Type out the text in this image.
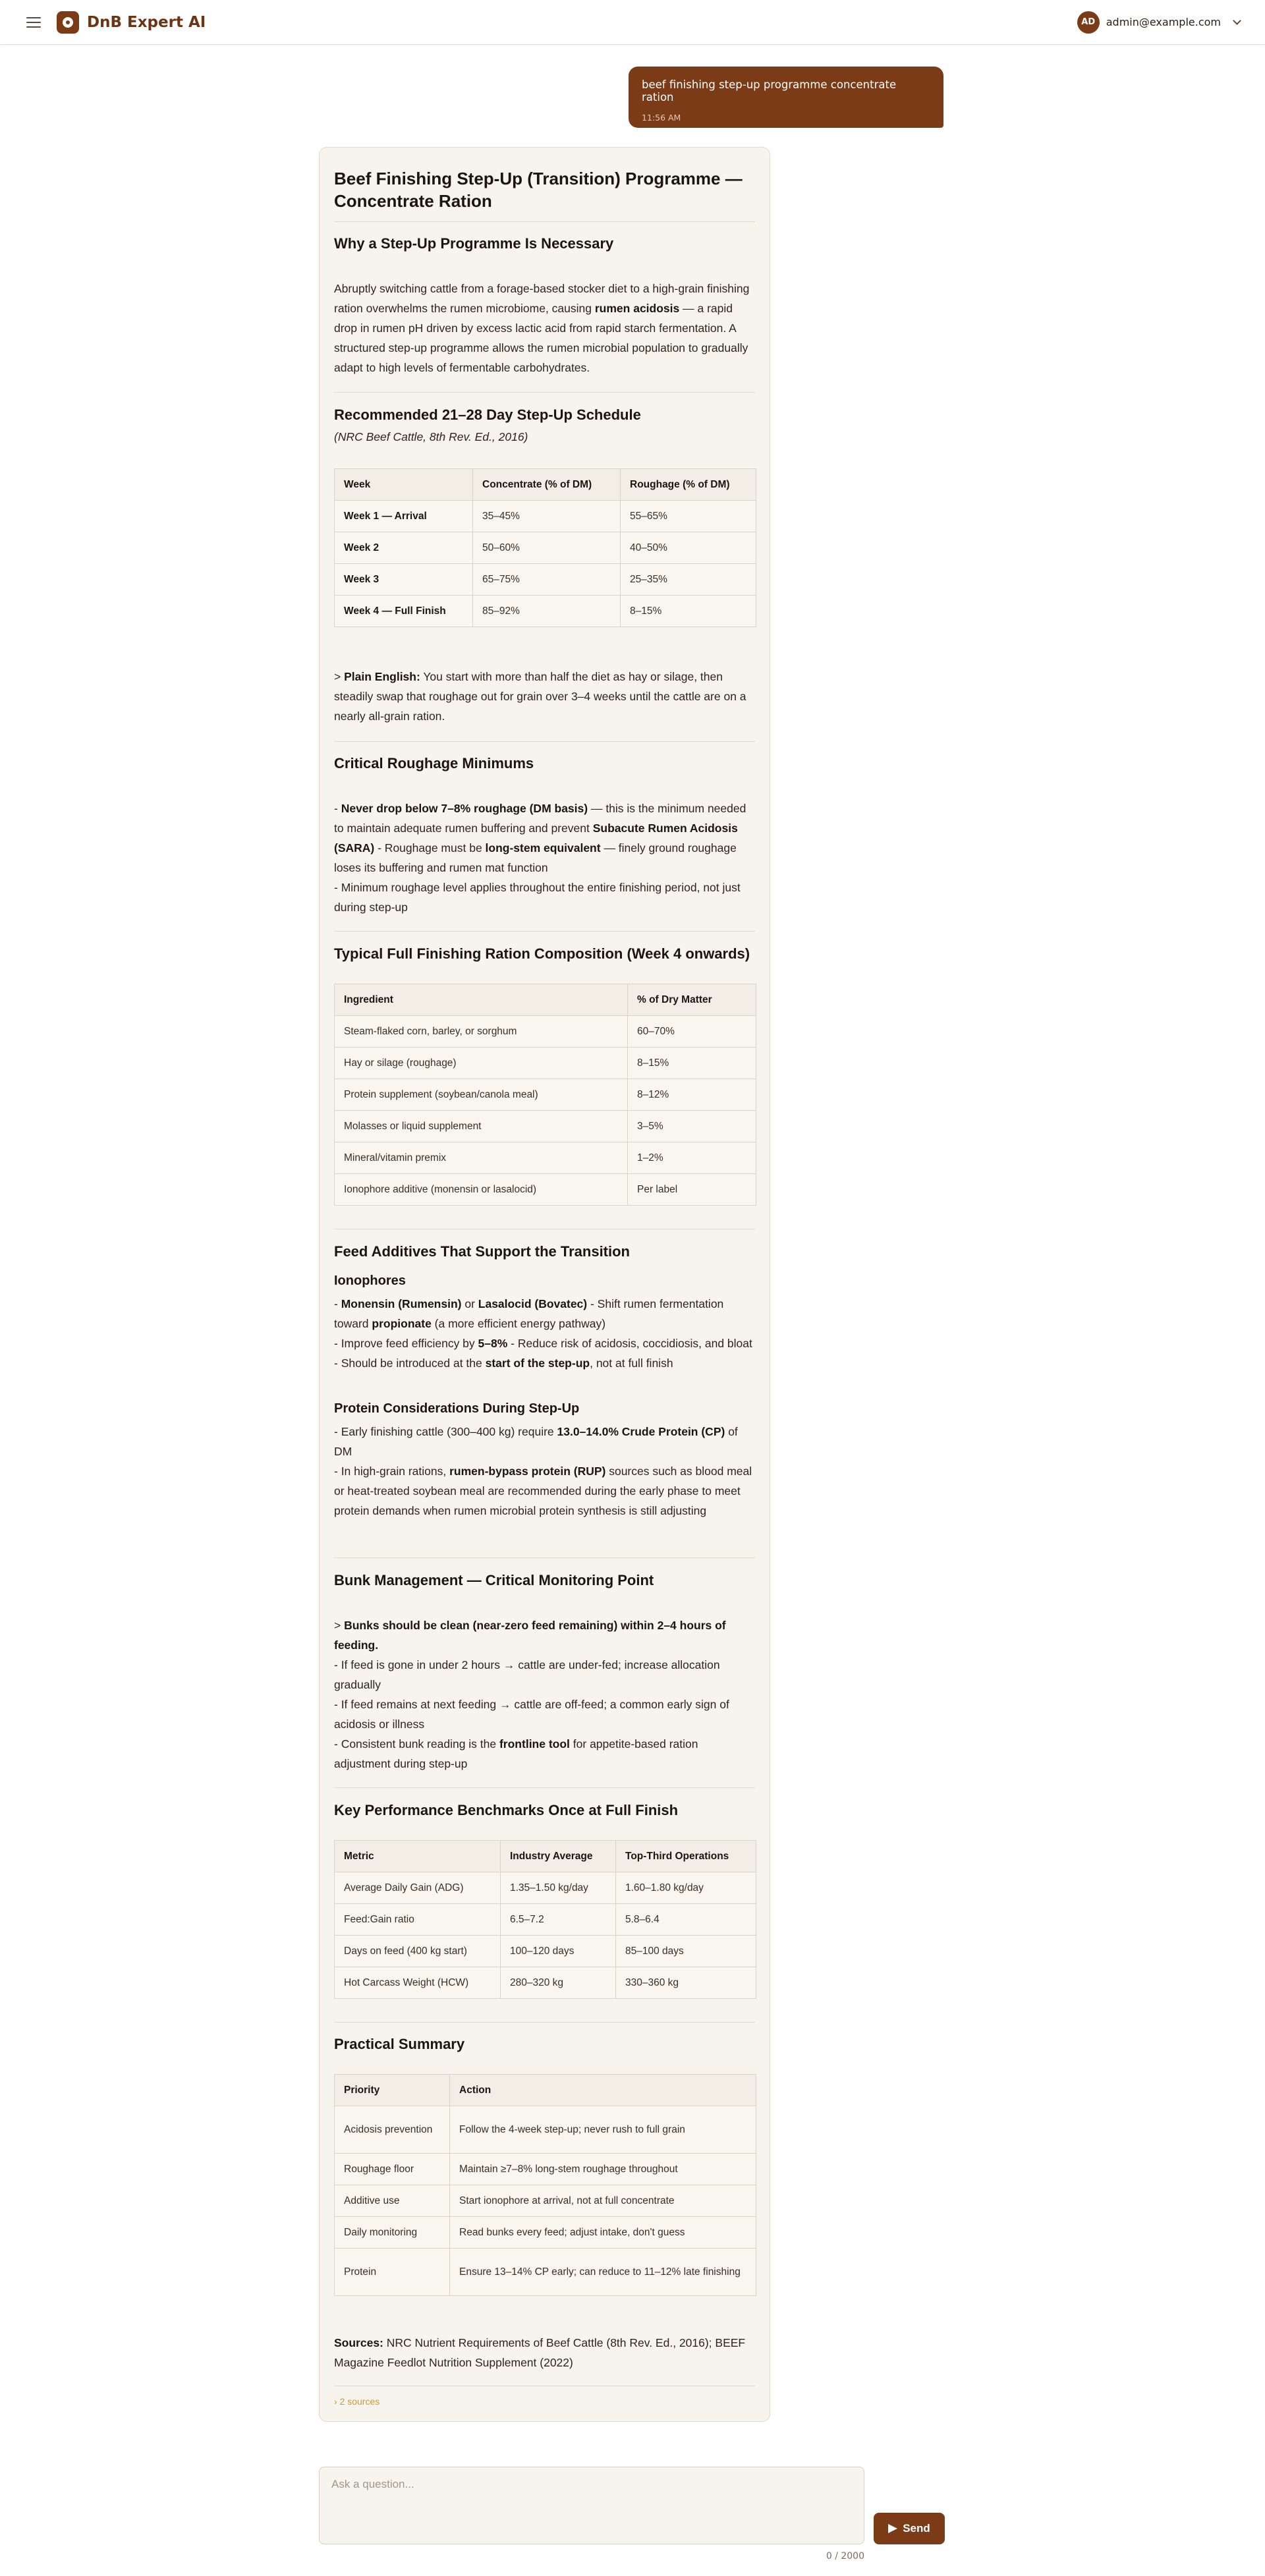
DnB Expert AI	AD	admin@example.com
beef finishing step-up programme concentrate ration
11:56 AM
Beef Finishing Step-Up (Transition) Programme — Concentrate Ration
Why a Step-Up Programme Is Necessary

Abruptly switching cattle from a forage-based stocker diet to a high-grain finishing ration overwhelms the rumen microbiome, causing rumen acidosis — a rapid drop in rumen pH driven by excess lactic acid from rapid starch fermentation. A structured step-up programme allows the rumen microbial population to gradually adapt to high levels of fermentable carbohydrates.

Recommended 21–28 Day Step-Up Schedule

(NRC Beef Cattle, 8th Rev. Ed., 2016)

Week	Concentrate (% of DM)	Roughage (% of DM)
Week 1 — Arrival	35–45%	55–65%
Week 2	50–60%	40–50%
Week 3	65–75%	25–35%
Week 4 — Full Finish	85–92%	8–15%

> Plain English: You start with more than half the diet as hay or silage, then steadily swap that roughage out for grain over 3–4 weeks until the cattle are on a nearly all-grain ration.

Critical Roughage Minimums

- Never drop below 7–8% roughage (DM basis) — this is the minimum needed to maintain adequate rumen buffering and prevent Subacute Rumen Acidosis (SARA) - Roughage must be long-stem equivalent — finely ground roughage loses its buffering and rumen mat function
- Minimum roughage level applies throughout the entire finishing period, not just during step-up

Typical Full Finishing Ration Composition (Week 4 onwards)
Ingredient	% of Dry Matter
Steam-flaked corn, barley, or sorghum	60–70%
Hay or silage (roughage)	8–15%
Protein supplement (soybean/canola meal)	8–12%
Molasses or liquid supplement	3–5%
Mineral/vitamin premix	1–2%
Ionophore additive (monensin or lasalocid)	Per label
Feed Additives That Support the Transition
Ionophores

- Monensin (Rumensin) or Lasalocid (Bovatec) - Shift rumen fermentation toward propionate (a more efficient energy pathway)
- Improve feed efficiency by 5–8% - Reduce risk of acidosis, coccidiosis, and bloat
- Should be introduced at the start of the step-up, not at full finish

Protein Considerations During Step-Up

- Early finishing cattle (300–400 kg) require 13.0–14.0% Crude Protein (CP) of DM
- In high-grain rations, rumen-bypass protein (RUP) sources such as blood meal or heat-treated soybean meal are recommended during the early phase to meet protein demands when rumen microbial protein synthesis is still adjusting

Bunk Management — Critical Monitoring Point

> Bunks should be clean (near-zero feed remaining) within 2–4 hours of feeding.
- If feed is gone in under 2 hours → cattle are under-fed; increase allocation gradually
- If feed remains at next feeding → cattle are off-feed; a common early sign of acidosis or illness
- Consistent bunk reading is the frontline tool for appetite-based ration adjustment during step-up

Key Performance Benchmarks Once at Full Finish
Metric	Industry Average	Top-Third Operations
Average Daily Gain (ADG)	1.35–1.50 kg/day	1.60–1.80 kg/day
Feed:Gain ratio	6.5–7.2	5.8–6.4
Days on feed (400 kg start)	100–120 days	85–100 days
Hot Carcass Weight (HCW)	280–320 kg	330–360 kg
Practical Summary
Priority	Action
Acidosis prevention	Follow the 4-week step-up; never rush to full grain
Roughage floor	Maintain ≥7–8% long-stem roughage throughout
Additive use	Start ionophore at arrival, not at full concentrate
Daily monitoring	Read bunks every feed; adjust intake, don't guess
Protein	Ensure 13–14% CP early; can reduce to 11–12% late finishing

Sources: NRC Nutrient Requirements of Beef Cattle (8th Rev. Ed., 2016); BEEF Magazine Feedlot Nutrition Supplement (2022)

› 2 sources
Ask a question...
Send
0 / 2000
